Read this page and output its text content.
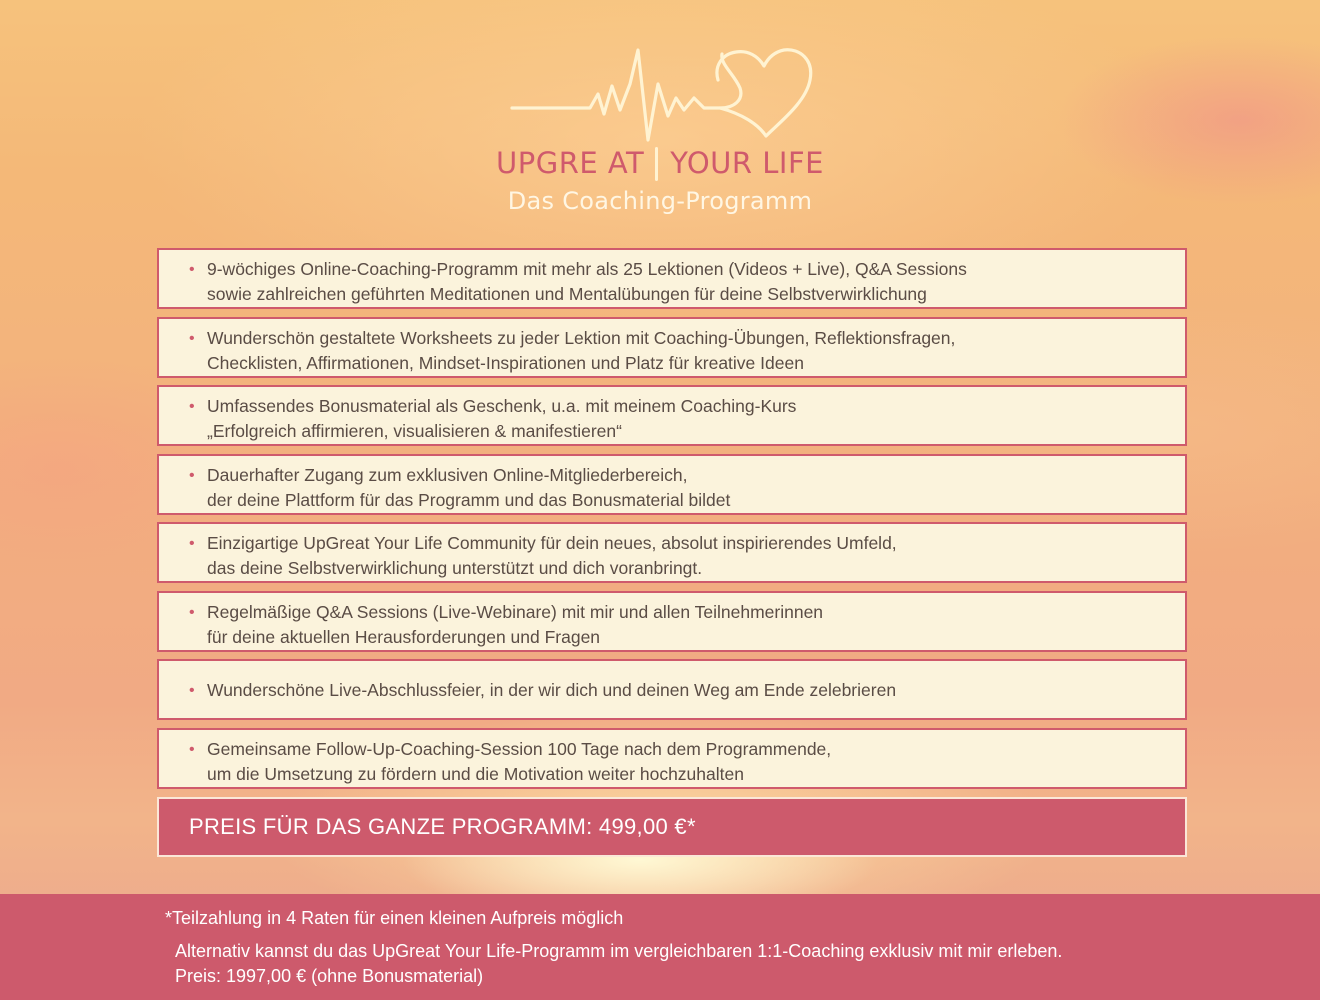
UPGRE AT YOUR LIFE
Das Coaching-Programm
• 9-wöchiges Online-Coaching-Programm mit mehr als 25 Lektionen (Videos + Live), Q&A Sessions
sowie zahlreichen geführten Meditationen und Mentalübungen für deine Selbstverwirklichung
• Wunderschön gestaltete Worksheets zu jeder Lektion mit Coaching-Übungen, Reflektionsfragen,
Checklisten, Affirmationen, Mindset-Inspirationen und Platz für kreative Ideen
• Umfassendes Bonusmaterial als Geschenk, u.a. mit meinem Coaching-Kurs
„Erfolgreich affirmieren, visualisieren & manifestieren“
• Dauerhafter Zugang zum exklusiven Online-Mitgliederbereich,
der deine Plattform für das Programm und das Bonusmaterial bildet
• Einzigartige UpGreat Your Life Community für dein neues, absolut inspirierendes Umfeld,
das deine Selbstverwirklichung unterstützt und dich voranbringt.
• Regelmäßige Q&A Sessions (Live-Webinare) mit mir und allen Teilnehmerinnen
für deine aktuellen Herausforderungen und Fragen
• Wunderschöne Live-Abschlussfeier, in der wir dich und deinen Weg am Ende zelebrieren
• Gemeinsame Follow-Up-Coaching-Session 100 Tage nach dem Programmende,
um die Umsetzung zu fördern und die Motivation weiter hochzuhalten
PREIS FÜR DAS GANZE PROGRAMM: 499,00 €*
*Teilzahlung in 4 Raten für einen kleinen Aufpreis möglich
Alternativ kannst du das UpGreat Your Life-Programm im vergleichbaren 1:1-Coaching exklusiv mit mir erleben.
Preis: 1997,00 € (ohne Bonusmaterial)
